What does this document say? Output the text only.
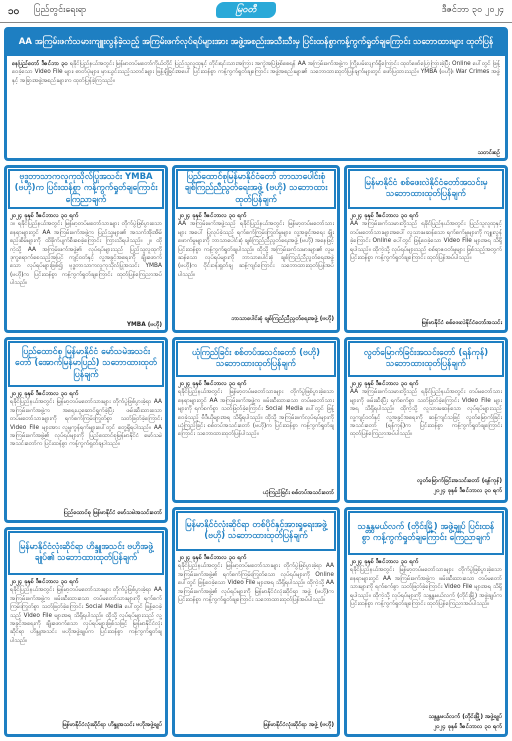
၁၀ ပြည်တွင်းရေးရာ	မြဝတီ	ဒီဇင်ဘာ ၃၀ ၂၀၂၄
AA အကြမ်းဖက်သမားကျူးလွန်ခဲ့သည့် အကြမ်းဖက်လုပ်ရပ်များအား အဖွဲ့အစည်းအသီးသီးမှ ပြင်းထန်စွာကန့်ကွက်ရှုတ်ချကြောင်း သဘောထားများ ထုတ်ပြန်
နေပြည်တော် ဒီဇင်ဘာ ၃၀ ရခိုင်ပြည်နယ်အတွင်း မြန်မာတပ်မတော်ကိုယ်တိုင် ပြည်သူလူထုနှင့် တိုင်းရင်းသားအကြား အကွဲအပြဲဖြစ်စေရန် AA အကြမ်းဖက်အဖွဲ့က ကြိုးပမ်းလျက်ရှိကြောင်း ထုတ်ဖော်ပြောကြားခဲ့ပြီး Online ပေါ်တွင် ဖြန့်ဝေခဲ့သော Video File များ၊ ဓာတ်ပုံများ၊ မှားယွင်းသည့်သတင်းများ ဖြန့်ချိခြင်းအပေါ် ပြင်းထန်စွာ ကန့်ကွက်ရှုတ်ချကြောင်း အဖွဲ့အစည်းများ၏ သဘောထားထုတ်ပြန်ချက်များတွင် ဖော်ပြထားသည်။ YMBA (ဗဟို)၊ War Crimes အဖွဲ့နှင့် အခြားအဖွဲ့အစည်းများက ထုတ်ပြန်ခဲ့ကြသည်။
သတင်းစဉ်
ဗုဒ္ဓဘာသာကလူကုသိုလ်ပြုအသင်း YMBA (ဗဟို)က ပြင်းထန်စွာ ကန့်ကွက်ရှုတ်ချကြောင်း ကြေညာချက်
၂၀၂၄ ခုနှစ် ဒီဇင်ဘာလ ၃၀ ရက်
၁။ ရခိုင်ပြည်နယ်အတွင်း မြန်မာ့တပ်မတော်သားများ တိုက်ပွဲဖြစ်ပွားသော နေရာများတွင် AA အကြမ်းဖက်အဖွဲ့က ပြည်သူများ၏ အသက်အိုးအိမ်စည်းစိမ်များကို ထိခိုက်ပျက်စီးစေခဲ့ကြောင်း ကြားသိရပါသည်။ ၂။ ထိုကဲ့သို့ AA အကြမ်းဖက်အဖွဲ့၏ လုပ်ရပ်များသည် ပြည်သူလူထုကို ဒုက္ခရောက်စေသည့်အပြင် ကျင့်ဝတ်နှင့် လူ့အခွင့်အရေးကို ချိုးဖောက်သော လုပ်ရပ်များဖြစ်၍ ဗုဒ္ဓဘာသာကလူကုသိုလ်ပြုအသင်း YMBA (ဗဟို)က ပြင်းထန်စွာ ကန့်ကွက်ရှုတ်ချကြောင်း ထုတ်ပြန်ကြေညာအပ်ပါသည်။
YMBA (ဗဟို)
ပြည်ထောင်စုမြန်မာနိုင်ငံတော် ဘာသာပေါင်းစုံ ချစ်ကြည်ညီညွတ်ရေးအဖွဲ့ (ဗဟို) သဘောထားထုတ်ပြန်ချက်
၂၀၂၄ ခုနှစ် ဒီဇင်ဘာလ ၃၀ ရက်
AA အကြမ်းဖက်အဖွဲ့သည် ရခိုင်ပြည်နယ်အတွင်း မြန်မာ့တပ်မတော်သားများ အပေါ် ပြုလုပ်ခဲ့သည့် ရက်စက်ကြမ်းကြုတ်မှုများ၊ လူ့အခွင့်အရေး ချိုးဖောက်မှုများကို ဘာသာပေါင်းစုံ ချစ်ကြည်ညီညွတ်ရေးအဖွဲ့ (ဗဟို) အနေဖြင့် ပြင်းထန်စွာ ကန့်ကွက်ရှုတ်ချပါသည်။ ထိုသို့ အကြမ်းဖက်သမားများ၏ လူမဆန်သော လုပ်ရပ်များကို ဘာသာပေါင်းစုံ ချစ်ကြည်ညီညွတ်ရေးအဖွဲ့ (ဗဟို)က ဝိုင်းဝန်းရှုတ်ချ ဆန့်ကျင်ကြောင်း သဘောထားထုတ်ပြန်အပ်ပါသည်။
ဘာသာပေါင်းစုံ ချစ်ကြည်ညီညွတ်ရေးအဖွဲ့ (ဗဟို)
မြန်မာနိုင်ငံ စစ်ဖေးလဲနိုင်ငံတော်အသင်းမှ သဘောထားထုတ်ပြန်ချက်
၂၀၂၄ ခုနှစ် ဒီဇင်ဘာလ ၃၀ ရက်
AA အကြမ်းဖက်သမားတို့သည် ရခိုင်ပြည်နယ်အတွင်း ပြည်သူလူထုနှင့် တပ်မတော်သားများအပေါ် လူသားမဆန်သော ရက်စက်မှုများကို ကျူးလွန်ခဲ့ကြောင်း Online ပေါ်တွင် ဖြန့်ဝေခဲ့သော Video File များအရ သိရှိရပါသည်။ ထိုကဲ့သို့ လုပ်ရပ်များသည် စစ်ရာဇဝတ်မှုများ ဖြစ်သည့်အတွက် ပြင်းထန်စွာ ကန့်ကွက်ရှုတ်ချကြောင်း ထုတ်ပြန်အပ်ပါသည်။
မြန်မာနိုင်ငံ စစ်ဖေးလဲနိုင်ငံတော်အသင်း
ပြည်ထောင်စု မြန်မာနိုင်ငံ မော်သမဲအသင်းတော် (အောက်မြန်မာပြည်) သဘောထားထုတ်ပြန်ချက်
၂၀၂၄ ခုနှစ် ဒီဇင်ဘာလ ၃၀ ရက်
ရခိုင်ပြည်နယ်အတွင်း မြန်မာ့တပ်မတော်သားများ တိုက်ပွဲဖြစ်ပွားခဲ့ရာ AA အကြမ်းဖက်အဖွဲ့က အရေးယူဆောင်ရွက်ခဲ့ပြီး ဖမ်းဆီးထားသော တပ်မတော်သားများကို ရက်စက်ကြမ်းကြုတ်စွာ သတ်ဖြတ်ခဲ့ကြောင်း Video File များအား လူမှုကွန်ရက်များပေါ်တွင် တွေ့ရှိရပါသည်။ AA အကြမ်းဖက်အဖွဲ့၏ လုပ်ရပ်များကို ပြည်ထောင်စုမြန်မာနိုင်ငံ မော်သမဲအသင်းတော်က ပြင်းထန်စွာ ကန့်ကွက်ရှုတ်ချပါသည်။
ပြည်ထောင်စု မြန်မာနိုင်ငံ မော်သမဲအသင်းတော်
ယုံကြည်ခြင်း စစ်တပ်အသင်းတော် (ဗဟို) သဘောထားထုတ်ပြန်ချက်
၂၀၂၄ ခုနှစ် ဒီဇင်ဘာလ ၃၀ ရက်
ရခိုင်ပြည်နယ်အတွင်း မြန်မာ့တပ်မတော်သားများ တိုက်ပွဲဖြစ်ပွားခဲ့သော နေရာများတွင် AA အကြမ်းဖက်အဖွဲ့က ဖမ်းဆီးထားသော တပ်မတော်သားများကို ရက်စက်စွာ သတ်ဖြတ်ခဲ့ကြောင်း Social Media ပေါ်တွင် ဖြန့်ဝေခဲ့သည့် ဗီဒီယိုများအရ သိရှိရပါသည်။ ထိုသို့ အကြမ်းဖက်လုပ်ရပ်များကို ယုံကြည်ခြင်း စစ်တပ်အသင်းတော် (ဗဟို)က ပြင်းထန်စွာ ကန့်ကွက်ရှုတ်ချကြောင်း သဘောထားထုတ်ပြန်ပါသည်။
ယုံကြည်ခြင်း စစ်တပ်အသင်းတော်
လွတ်မြောက်ခြင်းအသင်းတော် (ရန်ကုန်) သဘောထားထုတ်ပြန်ချက်
၂၀၂၄ ခုနှစ် ဒီဇင်ဘာလ ၃၀ ရက်
AA အကြမ်းဖက်သမားတို့သည် ရခိုင်ပြည်နယ်အတွင်း တပ်မတော်သားများကို ဖမ်းဆီးပြီး ရက်စက်စွာ သတ်ဖြတ်ခဲ့ကြောင်း Video File များအရ သိရှိရပါသည်။ ထိုကဲ့သို့ လူသားမဆန်သော လုပ်ရပ်များသည် လူ့ကျင့်ဝတ်နှင့် လူ့အခွင့်အရေးကို ဆန့်ကျင်သဖြင့် လွတ်မြောက်ခြင်းအသင်းတော် (ရန်ကုန်)က ပြင်းထန်စွာ ကန့်ကွက်ရှုတ်ချကြောင်း ထုတ်ပြန်ကြေညာအပ်ပါသည်။
လွတ်မြောက်ခြင်းအသင်းတော် (ရန်ကုန်)
၂၀၂၄ ခုနှစ် ဒီဇင်ဘာလ ၃၀ ရက်
မြန်မာနိုင်ငံလုံးဆိုင်ရာ တစ်ပိုင်နှင့်အားရှုရေးအဖွဲ့ (ဗဟို) သဘောထားထုတ်ပြန်ချက်
၂၀၂၄ ခုနှစ် ဒီဇင်ဘာလ ၃၀ ရက်
ရခိုင်ပြည်နယ်အတွင်း မြန်မာ့တပ်မတော်သားများ တိုက်ပွဲဖြစ်ပွားခဲ့ရာ AA အကြမ်းဖက်အဖွဲ့၏ ရက်စက်ကြမ်းကြုတ်သော လုပ်ရပ်များကို Online ပေါ်တွင် ဖြန့်ဝေခဲ့သော Video File များအရ သိရှိရပါသည်။ ထိုကဲ့သို့ AA အကြမ်းဖက်အဖွဲ့၏ လုပ်ရပ်များကို မြန်မာနိုင်ငံလုံးဆိုင်ရာ အဖွဲ့ (ဗဟို)က ပြင်းထန်စွာ ကန့်ကွက်ရှုတ်ချကြောင်း သဘောထားထုတ်ပြန်အပ်ပါသည်။
မြန်မာနိုင်ငံလုံးဆိုင်ရာ အဖွဲ့ (ဗဟို)
သန္တနွမယ်လက် (တိုင်းမြို့) အဖွဲ့ချုပ် ပြင်းထန်စွာ ကန့်ကွက်ရှုတ်ချကြောင်း ကြေညာချက်
၂၀၂၄ ခုနှစ် ဒီဇင်ဘာလ ၃၀ ရက်
ရခိုင်ပြည်နယ်အတွင်း မြန်မာ့တပ်မတော်သားများ တိုက်ပွဲဖြစ်ပွားခဲ့သော နေရာများတွင် AA အကြမ်းဖက်အဖွဲ့က ဖမ်းဆီးထားသော တပ်မတော်သားများကို ရက်စက်စွာ သတ်ဖြတ်ခဲ့ကြောင်း Video File များအရ သိရှိရပါသည်။ ထိုကဲ့သို့ လုပ်ရပ်များကို သန္တနွမယ်လက် (တိုင်းမြို့) အဖွဲ့ချုပ်က ပြင်းထန်စွာ ကန့်ကွက်ရှုတ်ချကြောင်း ထုတ်ပြန်ကြေညာအပ်ပါသည်။
သန္တနွမယ်လက် (တိုင်းမြို့) အဖွဲ့ချုပ်
၂၀၂၄ ခုနှစ် ဒီဇင်ဘာလ ၃၀ ရက်
မြန်မာနိုင်ငံလုံးဆိုင်ရာ ဟိန္ဒူအသင်း ဗဟိုအဖွဲ့ချုပ်၏ သဘောထားထုတ်ပြန်ချက်
၂၀၂၄ ခုနှစ် ဒီဇင်ဘာလ ၃၀ ရက်
ရခိုင်ပြည်နယ်အတွင်း မြန်မာ့တပ်မတော်သားများ တိုက်ပွဲဖြစ်ပွားခဲ့ရာ AA အကြမ်းဖက်အဖွဲ့က ဖမ်းဆီးထားသော တပ်မတော်သားများကို ရက်စက်ကြမ်းကြုတ်စွာ သတ်ဖြတ်ခဲ့ကြောင်း Social Media ပေါ်တွင် ဖြန့်ဝေခဲ့သည့် Video File များအရ သိရှိရပါသည်။ ထိုသို့ လုပ်ရပ်များသည် လူ့အခွင့်အရေးကို ချိုးဖောက်သော လုပ်ရပ်များဖြစ်သဖြင့် မြန်မာနိုင်ငံလုံးဆိုင်ရာ ဟိန္ဒူအသင်း ဗဟိုအဖွဲ့ချုပ်က ပြင်းထန်စွာ ကန့်ကွက်ရှုတ်ချပါသည်။
မြန်မာနိုင်ငံလုံးဆိုင်ရာ ဟိန္ဒူအသင်း ဗဟိုအဖွဲ့ချုပ်
